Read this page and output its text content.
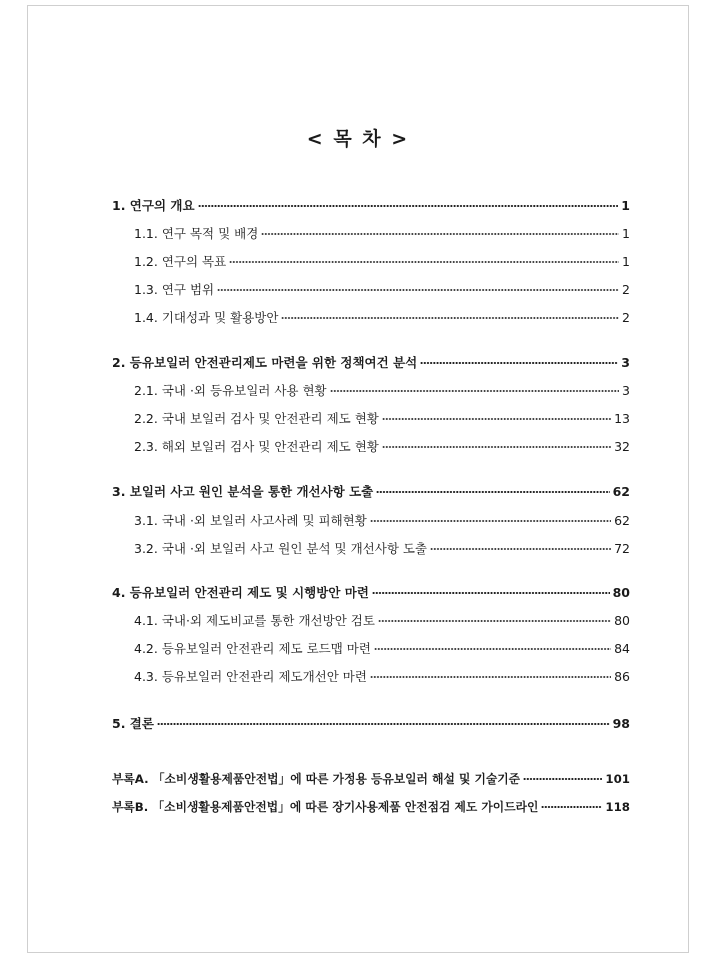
< 목 차 >
1. 연구의 개요	1
1.1. 연구 목적 및 배경	1
1.2. 연구의 목표	1
1.3. 연구 범위	2
1.4. 기대성과 및 활용방안	2
2. 등유보일러 안전관리제도 마련을 위한 정책여건 분석	3
2.1. 국내 ·외 등유보일러 사용 현황	3
2.2. 국내 보일러 검사 및 안전관리 제도 현황	13
2.3. 해외 보일러 검사 및 안전관리 제도 현황	32
3. 보일러 사고 원인 분석을 통한 개선사항 도출	62
3.1. 국내 ·외 보일러 사고사례 및 피해현황	62
3.2. 국내 ·외 보일러 사고 원인 분석 및 개선사항 도출	72
4. 등유보일러 안전관리 제도 및 시행방안 마련	80
4.1. 국내·외 제도비교를 통한 개선방안 검토	80
4.2. 등유보일러 안전관리 제도 로드맵 마련	84
4.3. 등유보일러 안전관리 제도개선안 마련	86
5. 결론	98
부록A. 「소비생활용제품안전법」에 따른 가정용 등유보일러 해설 및 기술기준	101
부록B. 「소비생활용제품안전법」에 따른 장기사용제품 안전점검 제도 가이드라인	118
